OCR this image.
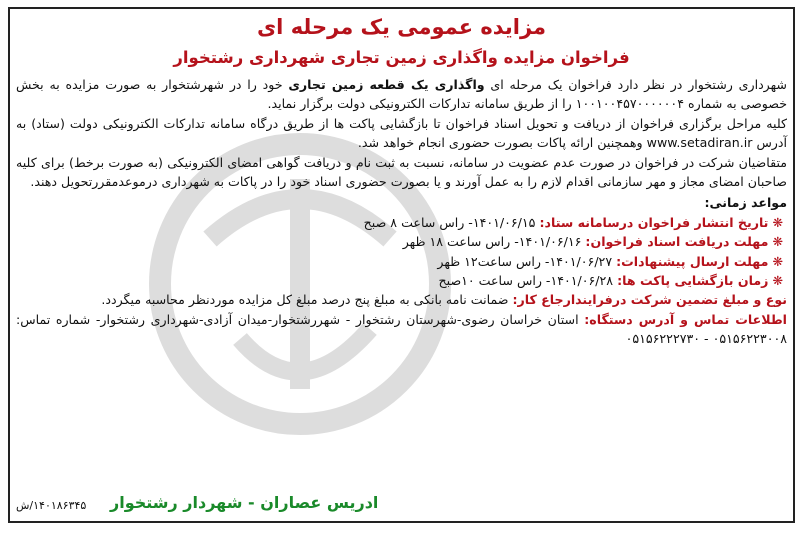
مزایده عمومی یک مرحله ای
فراخوان مزایده واگذاری زمین تجاری شهرداری رشتخوار

شهرداری رشتخوار در نظر دارد فراخوان یک مرحله ای واگذاری یک قطعه زمین تجاری خود را در شهرشتخوار به صورت مزایده به بخش خصوصی به شماره ۱۰۰۱۰۰۴۵۷۰۰۰۰۰۰۴ را از طریق سامانه تدارکات الکترونیکی دولت برگزار نماید.

کلیه مراحل برگزاری فراخوان از دریافت و تحویل اسناد فراخوان تا بازگشایی پاکت ها از طریق درگاه سامانه تدارکات الکترونیکی دولت (ستاد) به آدرس www.setadiran.ir وهمچنین ارائه پاکات بصورت حضوری انجام خواهد شد.

متقاضیان شرکت در فراخوان در صورت عدم عضویت در سامانه، نسبت به ثبت نام و دریافت گواهی امضای الکترونیکی (به صورت برخط) برای کلیه صاحبان امضای مجاز و مهر سازمانی اقدام لازم را به عمل آورند و یا بصورت حضوری اسناد خود را در پاکات به شهرداری درموعدمقررتحویل دهند.

مواعد زمانی:
❋ تاریخ انتشار فراخوان درسامانه ستاد: ۱۴۰۱/۰۶/۱۵- راس ساعت ۸ صبح
❋ مهلت دریافت اسناد فراخوان: ۱۴۰۱/۰۶/۱۶- راس ساعت ۱۸ ظهر
❋ مهلت ارسال پیشنهادات: ۱۴۰۱/۰۶/۲۷- راس ساعت۱۲ ظهر
❋ زمان بازگشایی پاکت ها: ۱۴۰۱/۰۶/۲۸- راس ساعت ۱۰صبح

نوع و مبلغ تضمین شرکت درفرایندارجاع کار: ضمانت نامه بانکی به مبلغ پنج درصد مبلغ کل مزایده موردنظر محاسبه میگردد.

اطلاعات تماس و آدرس دستگاه: استان خراسان رضوی-شهرستان رشتخوار - شهررشتخوار-میدان آزادی-شهرداری رشتخوار- شماره تماس: ۰۵۱۵۶۲۲۳۰۰۸ - ۰۵۱۵۶۲۲۲۷۳۰

ادریس عصاران - شهردار رشتخوار
۱۴۰۱۸۶۳۴۵/ش
